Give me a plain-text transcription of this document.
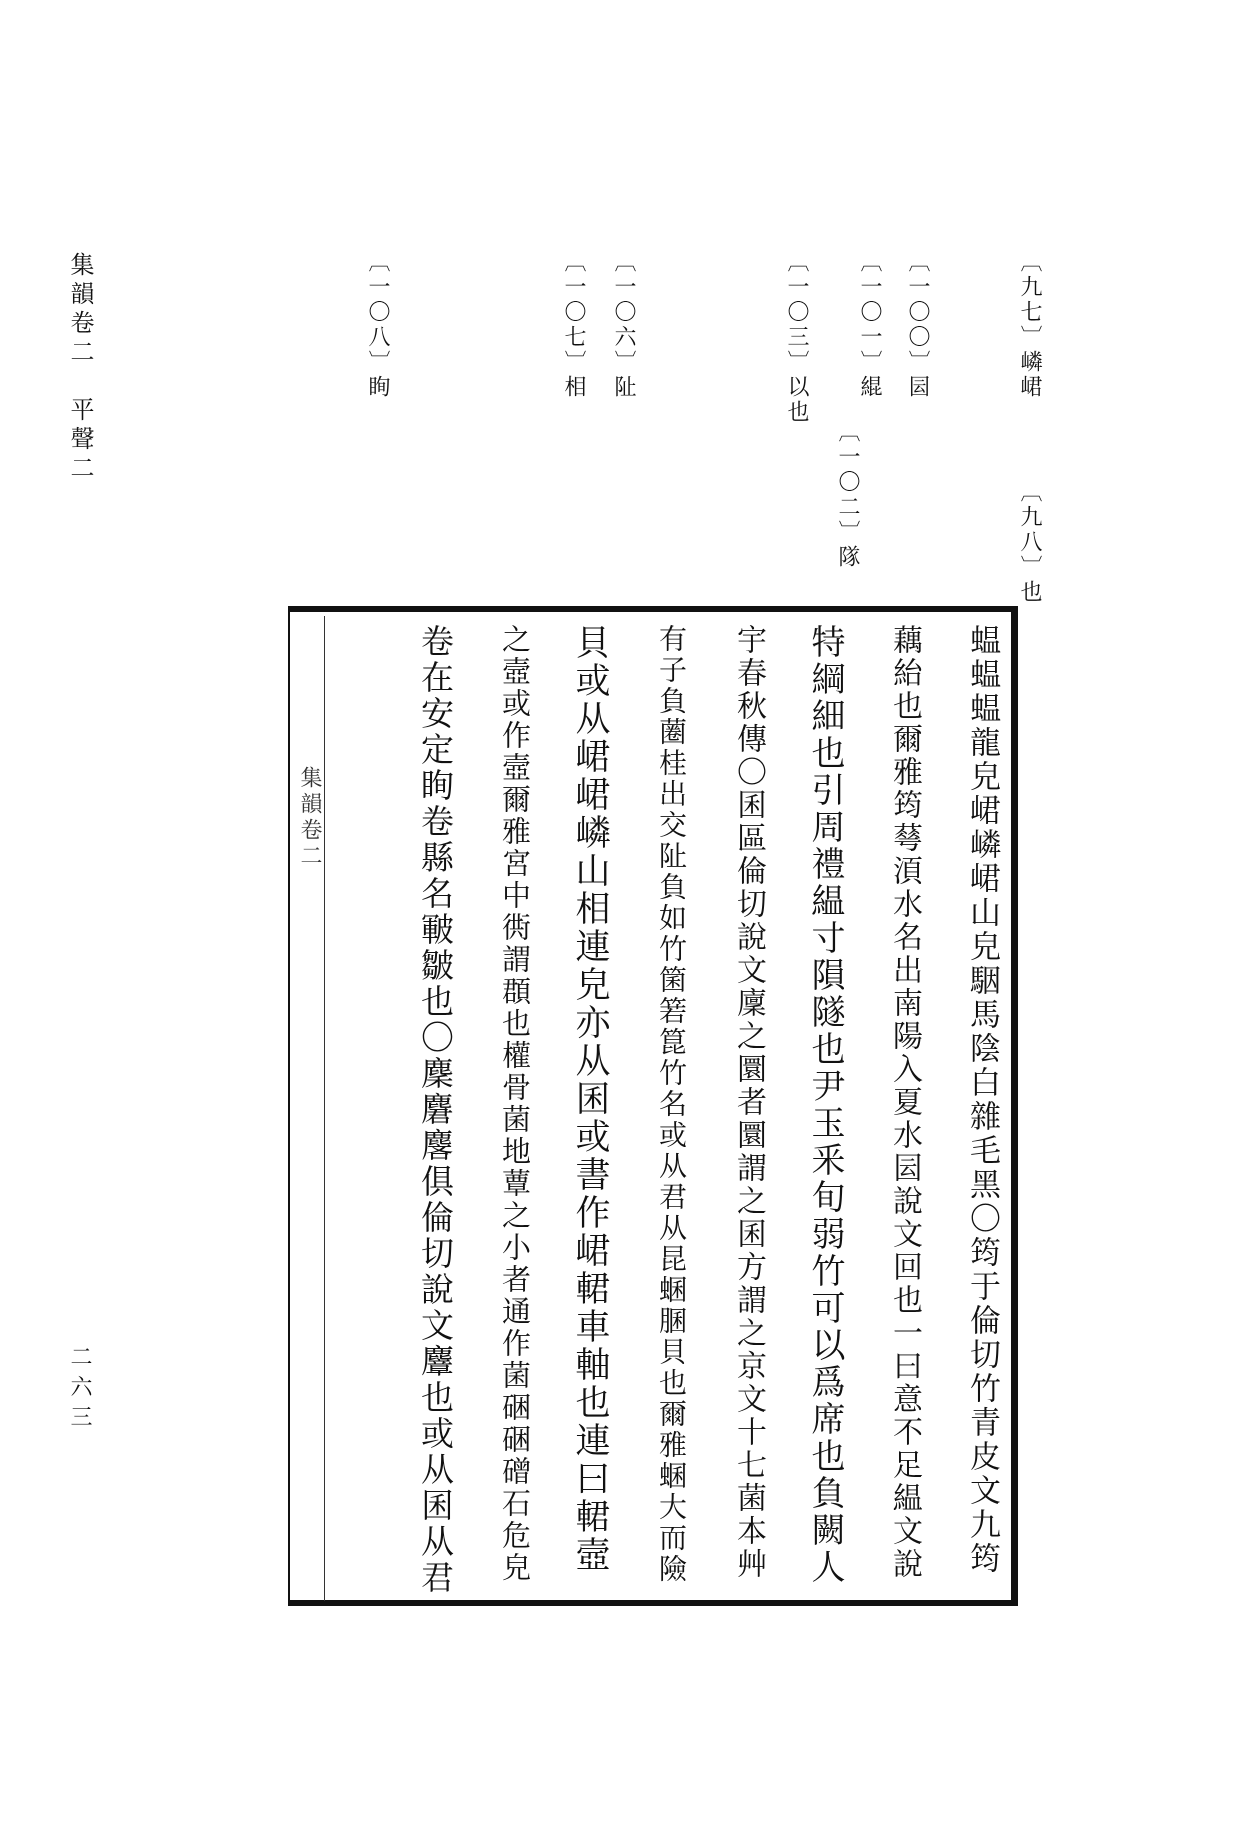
集韻卷二　平聲二
二六三
〔九七〕嶙峮
〔九八〕也
〔一〇〇〕囩
〔一〇一〕緄
〔一〇二〕隊
〔一〇三〕以也
〔一〇六〕阯
〔一〇七〕相
〔一〇八〕眴
集韻卷二	蝹蝹蝹龍皃峮嶙峮山皃駰馬陰白雜毛黑〇筠于倫切竹青皮文九筠
藕紿也爾雅筠䔢湏水名出南陽入夏水囩說文回也一曰意不足緼文說
特綱細也引周禮緼寸隕隧也尹玉釆旬弱竹可以爲席也負闕人
宇春秋傳〇囷區倫切說文廩之圜者圜謂之囷方謂之京文十七菌本艸
有子負蔨桂出交阯負如竹箘箬箟竹名或从君从昆蜠䐃貝也爾雅蜠大而險
貝或从峮峮嶙山相連皃亦从囷或書作峮輑車軸也連曰輑壼
之壼或作壼爾雅宮中衖謂頵也權骨菌地蕈之小者通作菌硱硱磳石危皃
卷在安定眴卷縣名皸皺也〇麇麏麐俱倫切說文麞也或从囷从君
